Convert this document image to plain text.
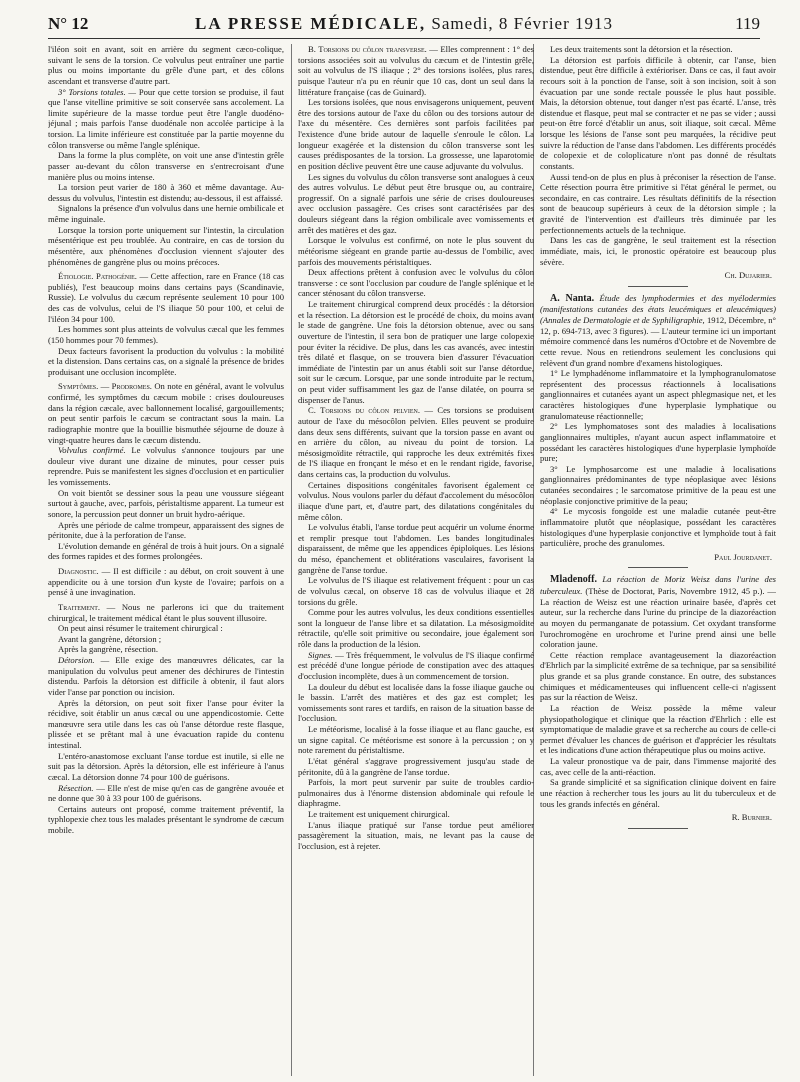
N° 12	LA PRESSE MÉDICALE, Samedi, 8 Février 1913	119

l'iléon soit en avant, soit en arrière du segment cæco-colique, suivant le sens de la torsion. Ce volvulus peut entraîner une partie plus ou moins importante du grêle d'une part, et des côlons ascendant et transverse d'autre part.

3° Torsions totales. — Pour que cette torsion se produise, il faut que l'anse vitelline primitive se soit conservée sans accolement. La limite supérieure de la masse tordue peut être l'angle duodéno-jéjunal ; mais parfois l'anse duodénale non accolée participe à la torsion. La limite inférieure est constituée par la partie moyenne du côlon transverse ou même l'angle splénique.

Dans la forme la plus complète, on voit une anse d'intestin grêle passer au-devant du côlon transverse en s'entrecroisant d'une manière plus ou moins intense.

La torsion peut varier de 180 à 360 et même davantage. Au-dessus du volvulus, l'intestin est distendu; au-dessous, il est affaissé.

Signalons la présence d'un volvulus dans une hernie ombilicale et même inguinale.

Lorsque la torsion porte uniquement sur l'intestin, la circulation mésentérique est peu troublée. Au contraire, en cas de torsion du mésentère, aux phénomènes d'occlusion viennent s'ajouter des phénomènes de gangrène plus ou moins précoces.

Étiologie. Pathogénie. — Cette affection, rare en France (18 cas publiés), l'est beaucoup moins dans certains pays (Scandinavie, Russie). Le volvulus du cæcum représente seulement 10 pour 100 des cas de volvulus, celui de l'S iliaque 50 pour 100, et celui de l'iléon 34 pour 100.

Les hommes sont plus atteints de volvulus cæcal que les femmes (150 hommes pour 70 femmes).

Deux facteurs favorisent la production du volvulus : la mobilité et la distension. Dans certains cas, on a signalé la présence de brides produisant une occlusion incomplète.

Symptômes. — Prodromes. On note en général, avant le volvulus confirmé, les symptômes du cæcum mobile : crises douloureuses dans la région cæcale, avec ballonnement localisé, gargouillements; on peut sentir parfois le cæcum se contractant sous la main. La radiographie montre que la bouillie bismuthée séjourne de douze à vingt-quatre heures dans le cæcum distendu.

Volvulus confirmé. Le volvulus s'annonce toujours par une douleur vive durant une dizaine de minutes, pour cesser puis reprendre. Puis se manifestent les signes d'occlusion et en particulier les vomissements.

On voit bientôt se dessiner sous la peau une voussure siégeant surtout à gauche, avec, parfois, péristaltisme apparent. La tumeur est sonore, la percussion peut donner un bruit hydro-aérique.

Après une période de calme trompeur, apparaissent des signes de péritonite, due à la perforation de l'anse.

L'évolution demande en général de trois à huit jours. On a signalé des formes rapides et des formes prolongées.

Diagnostic. — Il est difficile : au début, on croit souvent à une appendicite ou à une torsion d'un kyste de l'ovaire; parfois on a pensé à une invagination.

Traitement. — Nous ne parlerons ici que du traitement chirurgical, le traitement médical étant le plus souvent illusoire.

On peut ainsi résumer le traitement chirurgical :

Avant la gangrène, détorsion ;

Après la gangrène, résection.

Détorsion. — Elle exige des manœuvres délicates, car la manipulation du volvulus peut amener des déchirures de l'intestin distendu. Parfois la détorsion est difficile à obtenir, il faut alors vider l'anse par ponction ou incision.

Après la détorsion, on peut soit fixer l'anse pour éviter la récidive, soit établir un anus cæcal ou une appendicostomie. Cette manœuvre sera utile dans les cas où l'anse détordue reste flasque, plissée et se prêtant mal à une évacuation rapide du contenu intestinal.

L'entéro-anastomose excluant l'anse tordue est inutile, si elle ne suit pas la détorsion. Après la détorsion, elle est inférieure à l'anus cæcal. La détorsion donne 74 pour 100 de guérisons.

Résection. — Elle n'est de mise qu'en cas de gangrène avouée et ne donne que 30 à 33 pour 100 de guérisons.

Certains auteurs ont proposé, comme traitement préventif, la typhlopexie chez tous les malades présentant le syndrome de cæcum mobile.

B. Torsions du côlon transverse. — Elles comprennent : 1° des torsions associées soit au volvulus du cæcum et de l'intestin grêle, soit au volvulus de l'S iliaque ; 2° des torsions isolées, plus rares, puisque l'auteur n'a pu en réunir que 10 cas, dont un seul dans la littérature française (cas de Guinard).

Les torsions isolées, que nous envisagerons uniquement, peuvent être des torsions autour de l'axe du côlon ou des torsions autour de l'axe du mésentère. Ces dernières sont parfois facilitées par l'existence d'une bride autour de laquelle s'enroule le côlon. La longueur exagérée et la distension du côlon transverse sont les causes prédisposantes de la torsion. La grossesse, une laparotomie en position déclive peuvent être une cause adjuvante du volvulus.

Les signes du volvulus du côlon transverse sont analogues à ceux des autres volvulus. Le début peut être brusque ou, au contraire, progressif. On a signalé parfois une série de crises douloureuses avec occlusion passagère. Ces crises sont caractérisées par des douleurs siégeant dans la région ombilicale avec vomissements et arrêt des matières et des gaz.

Lorsque le volvulus est confirmé, on note le plus souvent du météorisme siégeant en grande partie au-dessus de l'ombilic, avec parfois des mouvements péristaltiques.

Deux affections prêtent à confusion avec le volvulus du côlon transverse : ce sont l'occlusion par coudure de l'angle splénique et le cancer sténosant du côlon transverse.

Le traitement chirurgical comprend deux procédés : la détorsion et la résection. La détorsion est le procédé de choix, du moins avant le stade de gangrène. Une fois la détorsion obtenue, avec ou sans ouverture de l'intestin, il sera bon de pratiquer une large colopexie pour éviter la récidive. De plus, dans les cas avancés, avec intestin très dilaté et flasque, on se trouvera bien d'assurer l'évacuation immédiate de l'intestin par un anus établi soit sur l'anse détordue, soit sur le cæcum. Lorsque, par une sonde introduite par le rectum, on peut vider suffisamment les gaz de l'anse dilatée, on pourra se dispenser de l'anus.

C. Torsions du côlon pelvien. — Ces torsions se produisent autour de l'axe du mésocôlon pelvien. Elles peuvent se produire dans deux sens différents, suivant que la torsion passe en avant ou en arrière du côlon, au niveau du point de torsion. La mésosigmoïdite rétractile, qui rapproche les deux extrémités fixes de l'S iliaque en fronçant le méso et en le rendant rigide, favorise, dans certains cas, la production du volvulus.

Certaines dispositions congénitales favorisent également ce volvulus. Nous voulons parler du défaut d'accolement du mésocôlon iliaque d'une part, et, d'autre part, des dilatations congénitales du même côlon.

Le volvulus établi, l'anse tordue peut acquérir un volume énorme et remplir presque tout l'abdomen. Les bandes longitudinales disparaissent, de même que les appendices épiploïques. Les lésions du méso, épanchement et oblitérations vasculaires, favorisent la gangrène de l'anse tordue.

Le volvulus de l'S iliaque est relativement fréquent : pour un cas de volvulus cæcal, on observe 18 cas de volvulus iliaque et 28 torsions du grêle.

Comme pour les autres volvulus, les deux conditions essentielles sont la longueur de l'anse libre et sa dilatation. La mésosigmoïdite rétractile, qu'elle soit primitive ou secondaire, joue également son rôle dans la production de la lésion.

Signes. — Très fréquemment, le volvulus de l'S iliaque confirmé est précédé d'une longue période de constipation avec des attaques d'occlusion incomplète, dues à un commencement de torsion.

La douleur du début est localisée dans la fosse iliaque gauche ou le bassin. L'arrêt des matières et des gaz est complet; les vomissements sont rares et tardifs, en raison de la situation basse de l'occlusion.

Le météorisme, localisé à la fosse iliaque et au flanc gauche, est un signe capital. Ce météorisme est sonore à la percussion ; on y note rarement du péristaltisme.

L'état général s'aggrave progressivement jusqu'au stade de péritonite, dû à la gangrène de l'anse tordue.

Parfois, la mort peut survenir par suite de troubles cardio-pulmonaires dus à l'énorme distension abdominale qui refoule le diaphragme.

Le traitement est uniquement chirurgical.

L'anus iliaque pratiqué sur l'anse tordue peut améliorer passagèrement la situation, mais, ne levant pas la cause de l'occlusion, est à rejeter.

Les deux traitements sont la détorsion et la résection.

La détorsion est parfois difficile à obtenir, car l'anse, bien distendue, peut être difficile à extérioriser. Dans ce cas, il faut avoir recours soit à la ponction de l'anse, soit à son incision, soit à son évacuation par une sonde rectale poussée le plus haut possible. Mais, la détorsion obtenue, tout danger n'est pas écarté. L'anse, très distendue et flasque, peut mal se contracter et ne pas se vider ; aussi peut-on être forcé d'établir un anus, soit iliaque, soit cæcal. Même lorsque les lésions de l'anse sont peu marquées, la récidive peut suivre la réduction de l'anse dans l'abdomen. Les différents procédés de colopexie et de coloplicature n'ont pas donné de résultats constants.

Aussi tend-on de plus en plus à préconiser la résection de l'anse. Cette résection pourra être primitive si l'état général le permet, ou secondaire, en cas contraire. Les résultats définitifs de la résection sont de beaucoup supérieurs à ceux de la détorsion simple ; la gravité de l'intervention est d'ailleurs très diminuée par les perfectionnements actuels de la technique.

Dans les cas de gangrène, le seul traitement est la résection immédiate, mais, ici, le pronostic opératoire est beaucoup plus sévère.

Ch. Dujarier.

A. Nanta. Étude des lymphodermies et des myélodermies (manifestations cutanées des états leucémiques et aleucémiques) (Annales de Dermatologie et de Syphiligraphie, 1912, Décembre, n° 12, p. 694-713, avec 3 figures). — L'auteur termine ici un important mémoire commencé dans les numéros d'Octobre et de Novembre de cette revue. Nous en retiendrons seulement les conclusions qui relèvent d'un grand nombre d'examens histologiques.

1° Le lymphadénome inflammatoire et la lymphogranulomatose représentent des processus réactionnels à localisations ganglionnaires et cutanées ayant un aspect phlegmasique net, et les caractères histologiques d'une hyperplasie lymphatique ou granulomateuse réactionnelle;

2° Les lymphomatoses sont des maladies à localisations ganglionnaires multiples, n'ayant aucun aspect inflammatoire et possédant les caractères histologiques d'une hyperplasie lymphoïde pure;

3° Le lymphosarcome est une maladie à localisations ganglionnaires prédominantes de type néoplasique avec lésions cutanées secondaires ; le sarcomatose primitive de la peau est une néoplasie conjonctive primitive de la peau;

4° Le mycosis fongoïde est une maladie cutanée peut-être inflammatoire plutôt que néoplasique, possédant les caractères histologiques d'une hyperplasie conjonctive et lymphoïde tout à fait particulière, proche des granulomes.

Paul Jourdanet.

Mladenoff. La réaction de Moriz Weisz dans l'urine des tuberculeux. (Thèse de Doctorat, Paris, Novembre 1912, 45 p.). — La réaction de Weisz est une réaction urinaire basée, d'après cet auteur, sur la recherche dans l'urine du principe de la diazoréaction au moyen du permanganate de potassium. Cet oxydant transforme l'urochromogène en urochrome et l'urine prend ainsi une belle coloration jaune.

Cette réaction remplace avantageusement la diazoréaction d'Ehrlich par la simplicité extrême de sa technique, par sa sensibilité plus grande et sa plus grande constance. En outre, des substances chimiques et médicamenteuses qui influencent celle-ci n'agissent pas sur la réaction de Weisz.

La réaction de Weisz possède la même valeur physiopathologique et clinique que la réaction d'Ehrlich : elle est symptomatique de maladie grave et sa recherche au cours de celle-ci permet d'évaluer les chances de guérison et d'apprécier les résultats et les indications d'une action thérapeutique plus ou moins active.

La valeur pronostique va de pair, dans l'immense majorité des cas, avec celle de la anti-réaction.

Sa grande simplicité et sa signification clinique doivent en faire une réaction à rechercher tous les jours au lit du tuberculeux et de tous les grands infectés en général.

R. Burnier.
